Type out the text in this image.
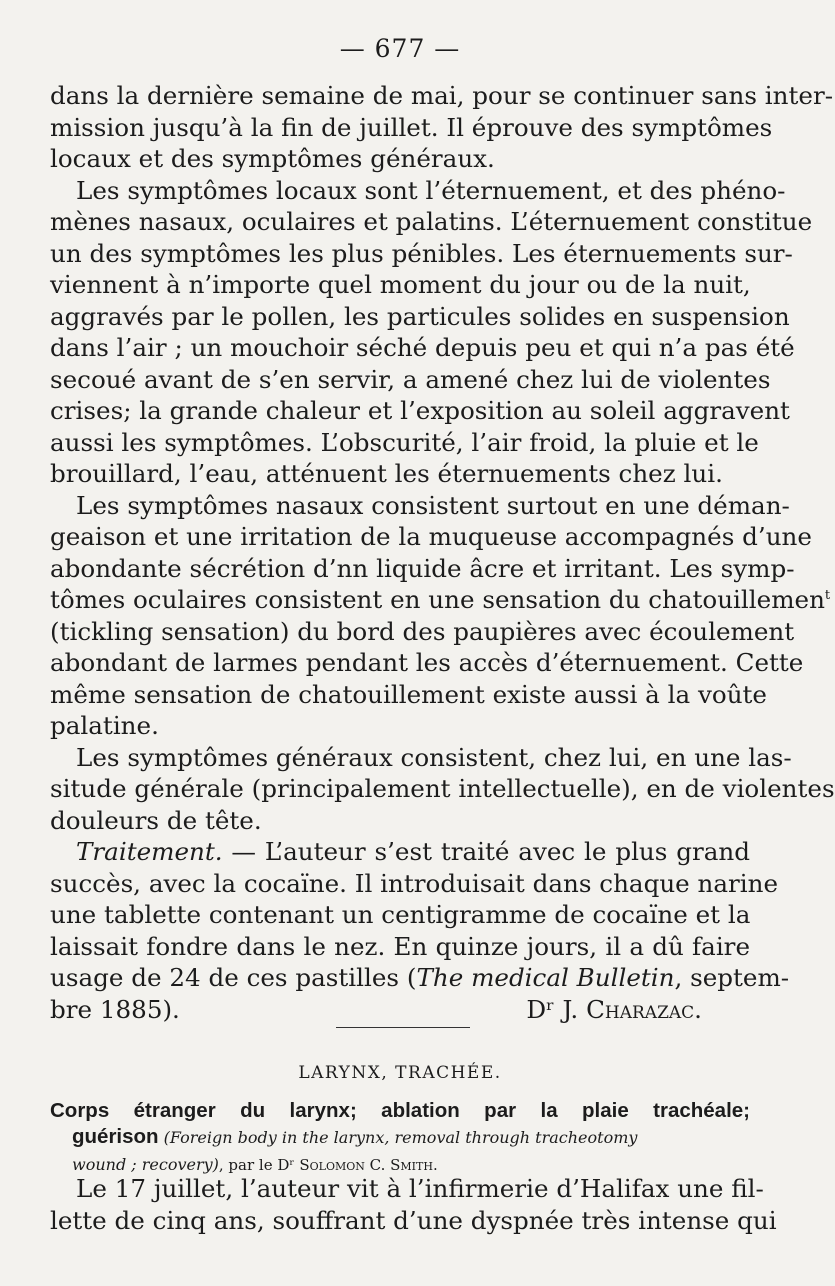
— 677 —
dans la dernière semaine de mai, pour se continuer sans inter-
mission jusqu’à la fin de juillet. Il éprouve des symptômes
locaux et des symptômes généraux.
Les symptômes locaux sont l’éternuement, et des phéno-
mènes nasaux, oculaires et palatins. L’éternuement constitue
un des symptômes les plus pénibles. Les éternuements sur-
viennent à n’importe quel moment du jour ou de la nuit,
aggravés par le pollen, les particules solides en suspension
dans l’air ; un mouchoir séché depuis peu et qui n’a pas été
secoué avant de s’en servir, a amené chez lui de violentes
crises; la grande chaleur et l’exposition au soleil aggravent
aussi les symptômes. L’obscurité, l’air froid, la pluie et le
brouillard, l’eau, atténuent les éternuements chez lui.
Les symptômes nasaux consistent surtout en une déman-
geaison et une irritation de la muqueuse accompagnés d’une
abondante sécrétion d’nn liquide âcre et irritant. Les symp-
tômes oculaires consistent en une sensation du chatouillemen$^t$
(tickling sensation) du bord des paupières avec écoulement
abondant de larmes pendant les accès d’éternuement. Cette
même sensation de chatouillement existe aussi à la voûte
palatine.
Les symptômes généraux consistent, chez lui, en une las-
situde générale (principalement intellectuelle), en de violentes
douleurs de tête.
Traitement. — L’auteur s’est traité avec le plus grand
succès, avec la cocaïne. Il introduisait dans chaque narine
une tablette contenant un centigramme de cocaïne et la
laissait fondre dans le nez. En quinze jours, il a dû faire
usage de 24 de ces pastilles (The medical Bulletin, septem-
bre 1885).	Dʳ J. Charazac.
LARYNX, TRACHÉE.
Corps étranger du larynx; ablation par la plaie trachéale;
guérison (Foreign body in the larynx, removal through tracheotomy
wound ; recovery), par le Dʳ Solomon C. Smith.
Le 17 juillet, l’auteur vit à l’infirmerie d’Halifax une fil-
lette de cinq ans, souffrant d’une dyspnée très intense qui
